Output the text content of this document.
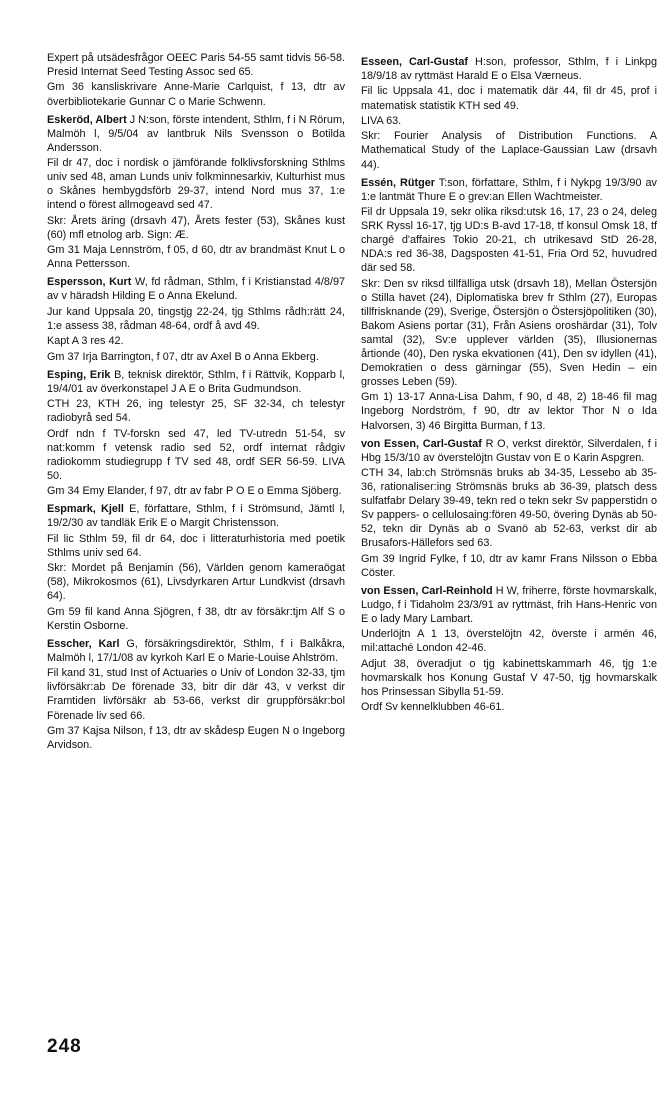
Expert på utsädesfrågor OEEC Paris 54-55 samt tidvis 56-58. Presid Internat Seed Testing Assoc sed 65.

Gm 36 kansliskrivare Anne-Marie Carlquist, f 13, dtr av överbibliotekarie Gunnar C o Marie Schwenn.

Eskeröd, Albert J N:son, förste intendent, Sthlm, f i N Rörum, Malmöh l, 9/5/04 av lantbruk Nils Svensson o Botilda Andersson.

Fil dr 47, doc i nordisk o jämförande folklivsforskning Sthlms univ sed 48, aman Lunds univ folkminnesarkiv, Kulturhist mus o Skånes hembygdsförb 29-37, intend Nord mus 37, 1:e intend o förest allmogeavd sed 47.

Skr: Årets äring (drsavh 47), Årets fester (53), Skånes kust (60) mfl etnolog arb. Sign: Æ.

Gm 31 Maja Lennström, f 05, d 60, dtr av brandmäst Knut L o Anna Pettersson.

Espersson, Kurt W, fd rådman, Sthlm, f i Kristianstad 4/8/97 av v häradsh Hilding E o Anna Ekelund.

Jur kand Uppsala 20, tingstjg 22-24, tjg Sthlms rådh:rätt 24, 1:e assess 38, rådman 48-64, ordf å avd 49.

Kapt A 3 res 42.

Gm 37 Irja Barrington, f 07, dtr av Axel B o Anna Ekberg.

Esping, Erik B, teknisk direktör, Sthlm, f i Rättvik, Kopparb l, 19/4/01 av överkonstapel J A E o Brita Gudmundson.

CTH 23, KTH 26, ing telestyr 25, SF 32-34, ch telestyr radiobyrå sed 54.

Ordf ndn f TV-forskn sed 47, led TV-utredn 51-54, sv nat:komm f vetensk radio sed 52, ordf internat rådgiv radiokomm studiegrupp f TV sed 48, ordf SER 56-59. LIVA 50.

Gm 34 Emy Elander, f 97, dtr av fabr P O E o Emma Sjöberg.

Espmark, Kjell E, författare, Sthlm, f i Strömsund, Jämtl l, 19/2/30 av tandläk Erik E o Margit Christensson.

Fil lic Sthlm 59, fil dr 64, doc i litteraturhistoria med poetik Sthlms univ sed 64.

Skr: Mordet på Benjamin (56), Världen genom kameraögat (58), Mikrokosmos (61), Livsdyrkaren Artur Lundkvist (drsavh 64).

Gm 59 fil kand Anna Sjögren, f 38, dtr av försäkr:tjm Alf S o Kerstin Osborne.

Esscher, Karl G, försäkringsdirektör, Sthlm, f i Balkåkra, Malmöh l, 17/1/08 av kyrkoh Karl E o Marie-Louise Ahlström.

Fil kand 31, stud Inst of Actuaries o Univ of London 32-33, tjm livförsäkr:ab De förenade 33, bitr dir där 43, v verkst dir Framtiden livförsäkr ab 53-66, verkst dir gruppförsäkr:bol Förenade liv sed 66.

Gm 37 Kajsa Nilson, f 13, dtr av skådesp Eugen N o Ingeborg Arvidson.

Esseen, Carl-Gustaf H:son, professor, Sthlm, f i Linkpg 18/9/18 av ryttmäst Harald E o Elsa Værneus.

Fil lic Uppsala 41, doc i matematik där 44, fil dr 45, prof i matematisk statistik KTH sed 49.

LIVA 63.

Skr: Fourier Analysis of Distribution Functions. A Mathematical Study of the Laplace-Gaussian Law (drsavh 44).

Essén, Rütger T:son, författare, Sthlm, f i Nykpg 19/3/90 av 1:e lantmät Thure E o grev:an Ellen Wachtmeister.

Fil dr Uppsala 19, sekr olika riksd:utsk 16, 17, 23 o 24, deleg SRK Ryssl 16-17, tjg UD:s B-avd 17-18, tf konsul Omsk 18, tf chargé d'affaires Tokio 20-21, ch utrikesavd StD 26-28, NDA:s red 36-38, Dagsposten 41-51, Fria Ord 52, huvudred där sed 58.

Skr: Den sv riksd tillfälliga utsk (drsavh 18), Mellan Östersjön o Stilla havet (24), Diplomatiska brev fr Sthlm (27), Europas tillfrisknande (29), Sverige, Östersjön o Östersjöpolitiken (30), Bakom Asiens portar (31), Från Asiens oroshärdar (31), Tolv samtal (32), Sv:e upplever världen (35), Illusionernas årtionde (40), Den ryska ekvationen (41), Den sv idyllen (41), Demokratien o dess gärningar (55), Sven Hedin – ein grosses Leben (59).

Gm 1) 13-17 Anna-Lisa Dahm, f 90, d 48, 2) 18-46 fil mag Ingeborg Nordström, f 90, dtr av lektor Thor N o Ida Halvorsen, 3) 46 Birgitta Burman, f 13.

von Essen, Carl-Gustaf R O, verkst direktör, Silverdalen, f i Hbg 15/3/10 av överstelöjtn Gustav von E o Karin Aspgren.

CTH 34, lab:ch Strömsnäs bruks ab 34-35, Lessebo ab 35-36, rationaliser:ing Strömsnäs bruks ab 36-39, platsch dess sulfatfabr Delary 39-49, tekn red o tekn sekr Sv papperstidn o Sv pappers- o cellulosaing:fören 49-50, övering Dynäs ab 50-52, tekn dir Dynäs ab o Svanö ab 52-63, verkst dir ab Brusafors-Hällefors sed 63.

Gm 39 Ingrid Fylke, f 10, dtr av kamr Frans Nilsson o Ebba Cöster.

von Essen, Carl-Reinhold H W, friherre, förste hovmarskalk, Ludgo, f i Tidaholm 23/3/91 av ryttmäst, frih Hans-Henric von E o lady Mary Lambart.

Underlöjtn A 1 13, överstelöjtn 42, överste i armén 46, mil:attaché London 42-46.

Adjut 38, överadjut o tjg kabinettskammarh 46, tjg 1:e hovmarskalk hos Konung Gustaf V 47-50, tjg hovmarskalk hos Prinsessan Sibylla 51-59.

Ordf Sv kennelklubben 46-61.

248
